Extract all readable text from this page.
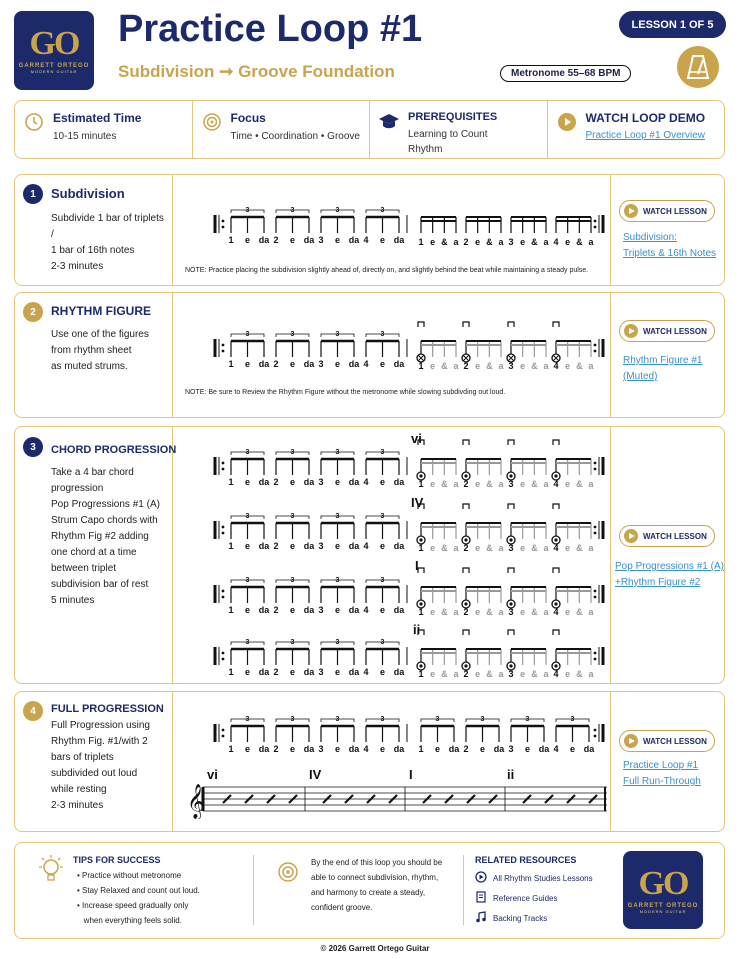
GO
GARRETT ORTEGO
MODERN GUITAR
Practice Loop #1
Subdivision ➞ Groove Foundation	Metronome 55–68 BPM
LESSON 1 OF 5
Estimated Time
10-15 minutes
Focus
Time • Coordination • Groove
PREREQUISITES
Learning to Count Rhythm
WATCH LOOP DEMO
Practice Loop #1 Overview
1	Subdivision
Subdivide 1 bar of triplets /
1 bar of 16th notes
2-3 minutes
3
1 e da
3
2 e da
3
3 e da
3
4 e da 1 e & a 2 e & a 3 e & a 4 e & a
NOTE: Practice placing the subdivision slightly ahead of, directly on, and slightly behind the beat while maintaining a steady pulse.
WATCH LESSON
Subdivision:
Triplets & 16th Notes
2	RHYTHM FIGURE
Use one of the figures
from rhythm sheet
as muted strums.
3
1 e da
3
2 e da
3
3 e da
3
4 e da 1 e & a 2 e & a 3 e & a 4 e & a
NOTE: Be sure to Review the Rhythm Figure without the metronome while slowing subdivding out loud.
WATCH LESSON
Rhythm Figure #1
(Muted)
3	CHORD PROGRESSION
Take a 4 bar chord
progression
Pop Progressions #1 (A)
Strum Capo chords with
Rhythm Fig #2 adding
one chord at a time
between triplet
subdivision bar of rest
5 minutes
vi
3
1 e da
3
2 e da
3
3 e da
3
4 e da 1 e & a 2 e & a 3 e & a 4 e & a
IV
3
1 e da
3
2 e da
3
3 e da
3
4 e da 1 e & a 2 e & a 3 e & a 4 e & a
I
3
1 e da
3
2 e da
3
3 e da
3
4 e da 1 e & a 2 e & a 3 e & a 4 e & a
ii
3
1 e da
3
2 e da
3
3 e da
3
4 e da 1 e & a 2 e & a 3 e & a 4 e & a
WATCH LESSON
Pop Progressions #1 (A)
+Rhythm Figure #2
4	FULL PROGRESSION
Full Progression using
Rhythm Fig. #1/with 2
bars of triplets
subdivided out loud
while resting
2-3 minutes
3
1 e da
3
2 e da
3
3 e da
3
4 e da
3
1 e da
3
2 e da
3
3 e da
3
4 e da
vi	IV	I	ii
𝄞
WATCH LESSON
Practice Loop #1
Full Run-Through
TIPS FOR SUCCESS
• Practice without metronome
• Stay Relaxed and count out loud.
• Increase speed gradually only
when everything feels solid.
By the end of this loop you should be
able to connect subdivision, rhythm,
and harmony to create a steady,
confident groove.
RELATED RESOURCES
All Rhythm Studies Lessons
Reference Guides
Backing Tracks
GO
GARRETT ORTEGO
MODERN GUITAR
© 2026 Garrett Ortego Guitar
